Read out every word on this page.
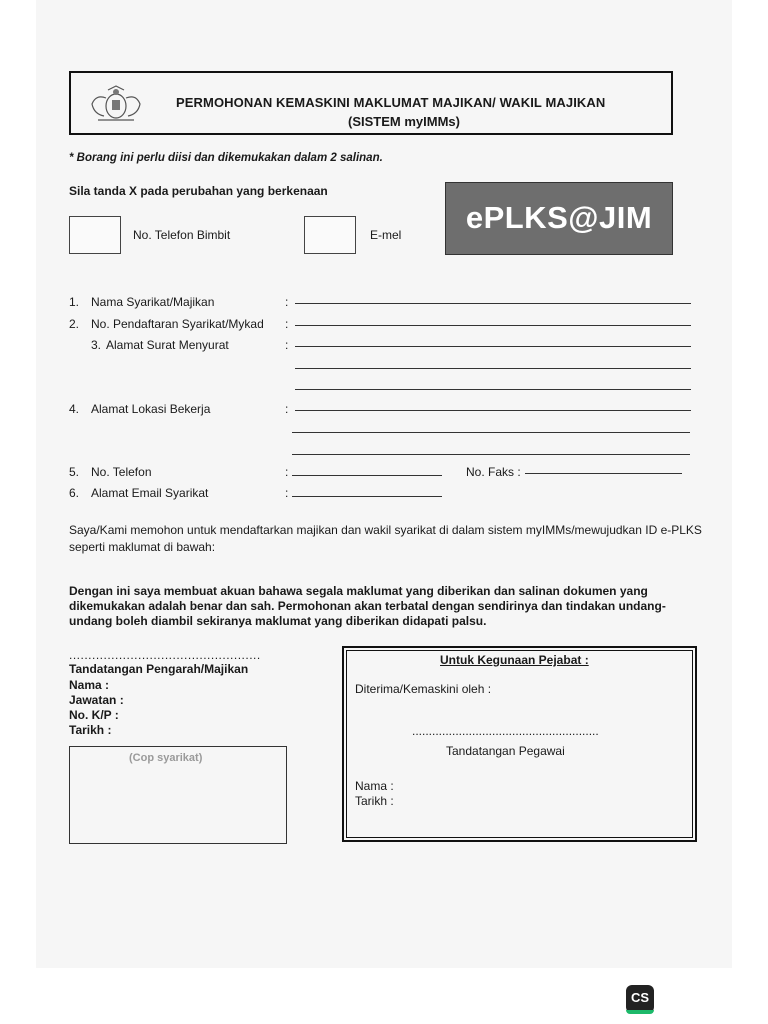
PERMOHONAN KEMASKINI MAKLUMAT MAJIKAN/ WAKIL MAJIKAN
(SISTEM myIMMs)
* Borang ini perlu diisi dan dikemukakan dalam 2 salinan.
Sila tanda X pada perubahan yang berkenaan
No. Telefon Bimbit	E-mel	ePLKS@JIM
1. Nama Syarikat/Majikan	:
2. No. Pendaftaran Syarikat/Mykad :
3. Alamat Surat Menyurat	:
4. Alamat Lokasi Bekerja	:
5. No. Telefon	:	No. Faks :
6. Alamat Email Syarikat	:
Saya/Kami memohon untuk mendaftarkan majikan dan wakil syarikat di dalam sistem myIMMs/mewujudkan ID e-PLKS seperti maklumat di bawah:
Dengan ini saya membuat akuan bahawa segala maklumat yang diberikan dan salinan dokumen yang dikemukakan adalah benar dan sah. Permohonan akan terbatal dengan sendirinya dan tindakan undang-undang boleh diambil sekiranya maklumat yang diberikan didapati palsu.
..................................................
Tandatangan Pengarah/Majikan
Nama :
Jawatan :
No. K/P :
Tarikh :
(Cop syarikat)
Untuk Kegunaan Pejabat :
Diterima/Kemaskini oleh :
........................................................
Tandatangan Pegawai
Nama :
Tarikh :
CS
